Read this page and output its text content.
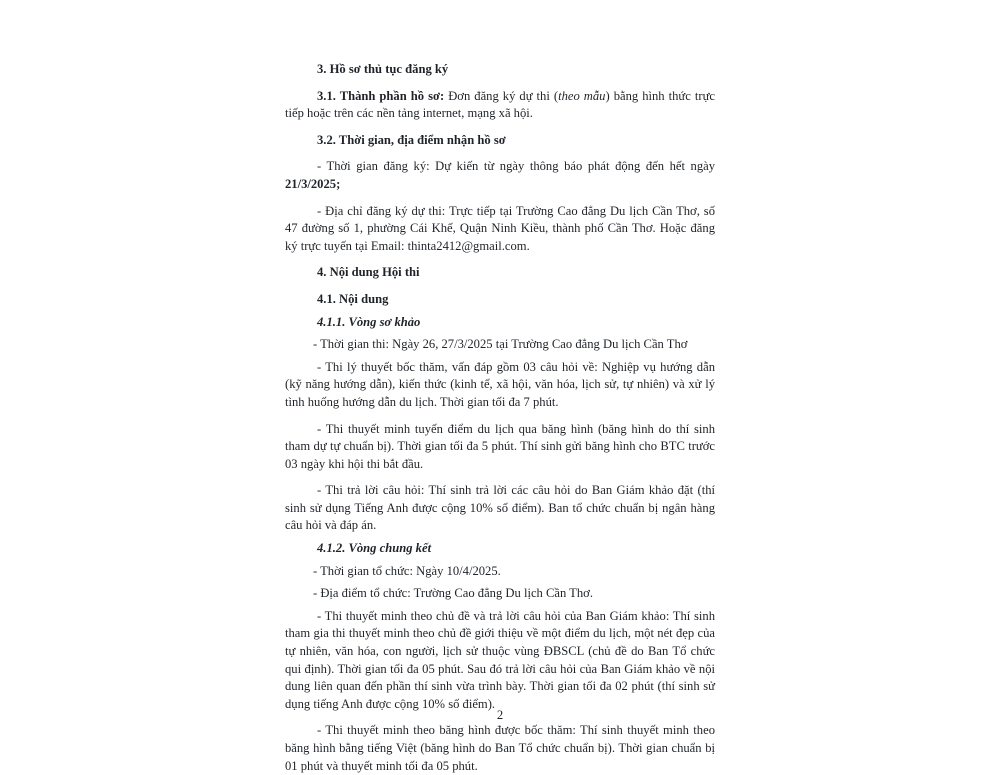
3. Hồ sơ thủ tục đăng ký

3.1. Thành phần hồ sơ: Đơn đăng ký dự thi (theo mẫu) bằng hình thức trực tiếp hoặc trên các nền tảng internet, mạng xã hội.

3.2. Thời gian, địa điểm nhận hồ sơ

- Thời gian đăng ký: Dự kiến từ ngày thông báo phát động đến hết ngày 21/3/2025;

- Địa chỉ đăng ký dự thi: Trực tiếp tại Trường Cao đẳng Du lịch Cần Thơ, số 47 đường số 1, phường Cái Khế, Quận Ninh Kiều, thành phố Cần Thơ. Hoặc đăng ký trực tuyến tại Email: thinta2412@gmail.com.

4. Nội dung Hội thi

4.1. Nội dung

4.1.1. Vòng sơ khảo

- Thời gian thi: Ngày 26, 27/3/2025 tại Trường Cao đẳng Du lịch Cần Thơ

- Thi lý thuyết bốc thăm, vấn đáp gồm 03 câu hỏi về: Nghiệp vụ hướng dẫn (kỹ năng hướng dẫn), kiến thức (kinh tế, xã hội, văn hóa, lịch sử, tự nhiên) và xử lý tình huống hướng dẫn du lịch. Thời gian tối đa 7 phút.

- Thi thuyết minh tuyến điểm du lịch qua băng hình (băng hình do thí sinh tham dự tự chuẩn bị). Thời gian tối đa 5 phút. Thí sinh gửi băng hình cho BTC trước 03 ngày khi hội thi bắt đầu.

- Thi trả lời câu hỏi: Thí sinh trả lời các câu hỏi do Ban Giám khảo đặt (thí sinh sử dụng Tiếng Anh được cộng 10% số điểm). Ban tổ chức chuẩn bị ngân hàng câu hỏi và đáp án.

4.1.2. Vòng chung kết

- Thời gian tổ chức: Ngày 10/4/2025.

- Địa điểm tổ chức: Trường Cao đẳng Du lịch Cần Thơ.

- Thi thuyết minh theo chủ đề và trả lời câu hỏi của Ban Giám khảo: Thí sinh tham gia thi thuyết minh theo chủ đề giới thiệu về một điểm du lịch, một nét đẹp của tự nhiên, văn hóa, con người, lịch sử thuộc vùng ĐBSCL (chủ đề do Ban Tổ chức qui định). Thời gian tối đa 05 phút. Sau đó trả lời câu hỏi của Ban Giám khảo về nội dung liên quan đến phần thí sinh vừa trình bày. Thời gian tối đa 02 phút (thí sinh sử dụng tiếng Anh được cộng 10% số điểm).

- Thi thuyết minh theo băng hình được bốc thăm: Thí sinh thuyết minh theo băng hình bằng tiếng Việt (băng hình do Ban Tổ chức chuẩn bị). Thời gian chuẩn bị 01 phút và thuyết minh tối đa 05 phút.

2
